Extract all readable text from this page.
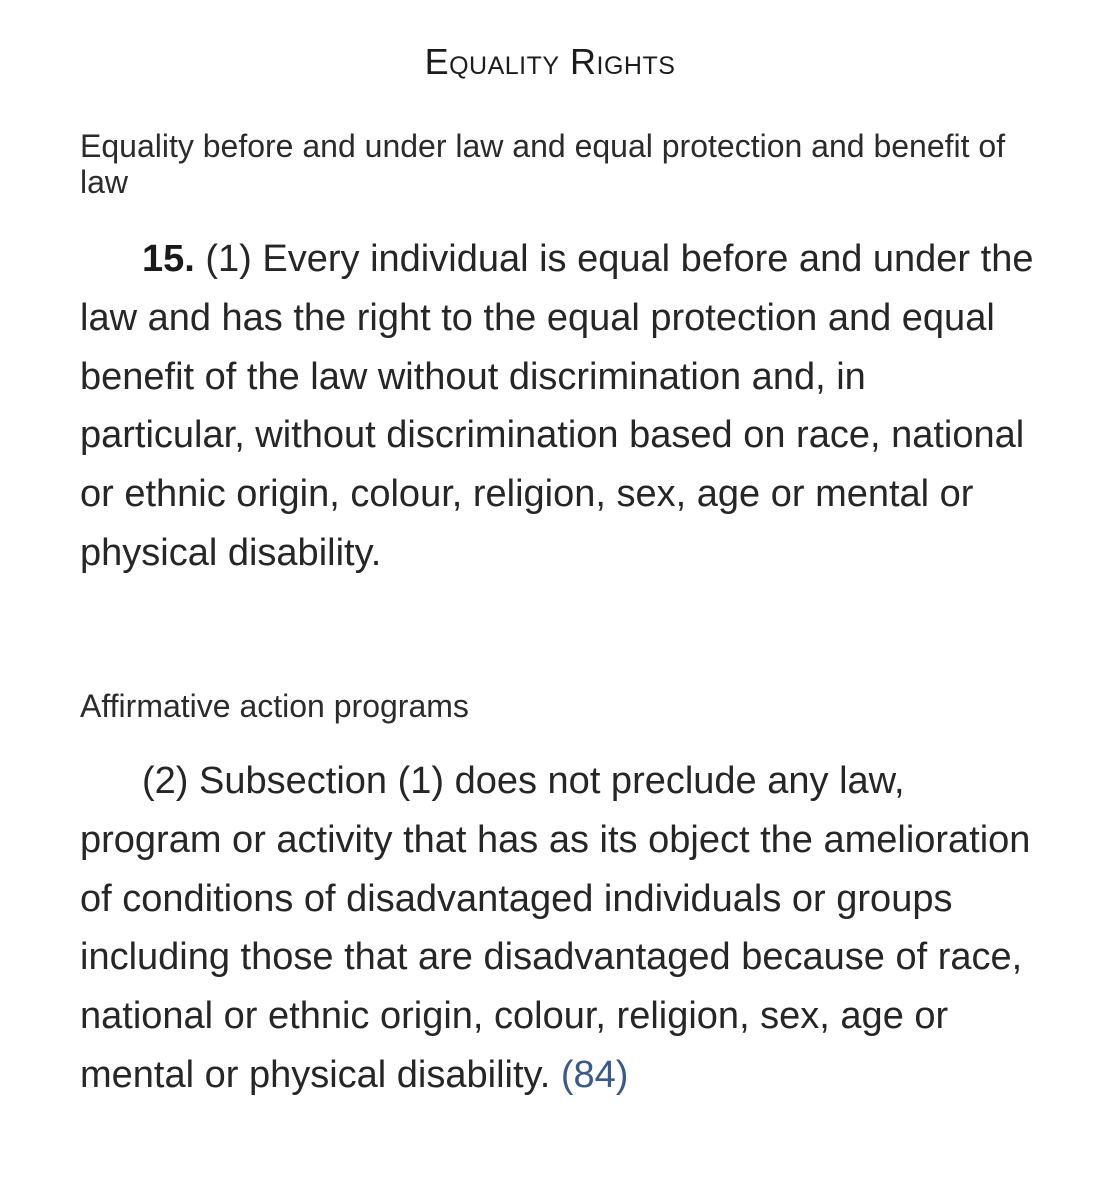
Equality Rights
Equality before and under law and equal protection and benefit of law
15. (1) Every individual is equal before and under the law and has the right to the equal protection and equal benefit of the law without discrimination and, in particular, without discrimination based on race, national or ethnic origin, colour, religion, sex, age or mental or physical disability.
Affirmative action programs
(2) Subsection (1) does not preclude any law, program or activity that has as its object the amelioration of conditions of disadvantaged individuals or groups including those that are disadvantaged because of race, national or ethnic origin, colour, religion, sex, age or mental or physical disability. (84)
